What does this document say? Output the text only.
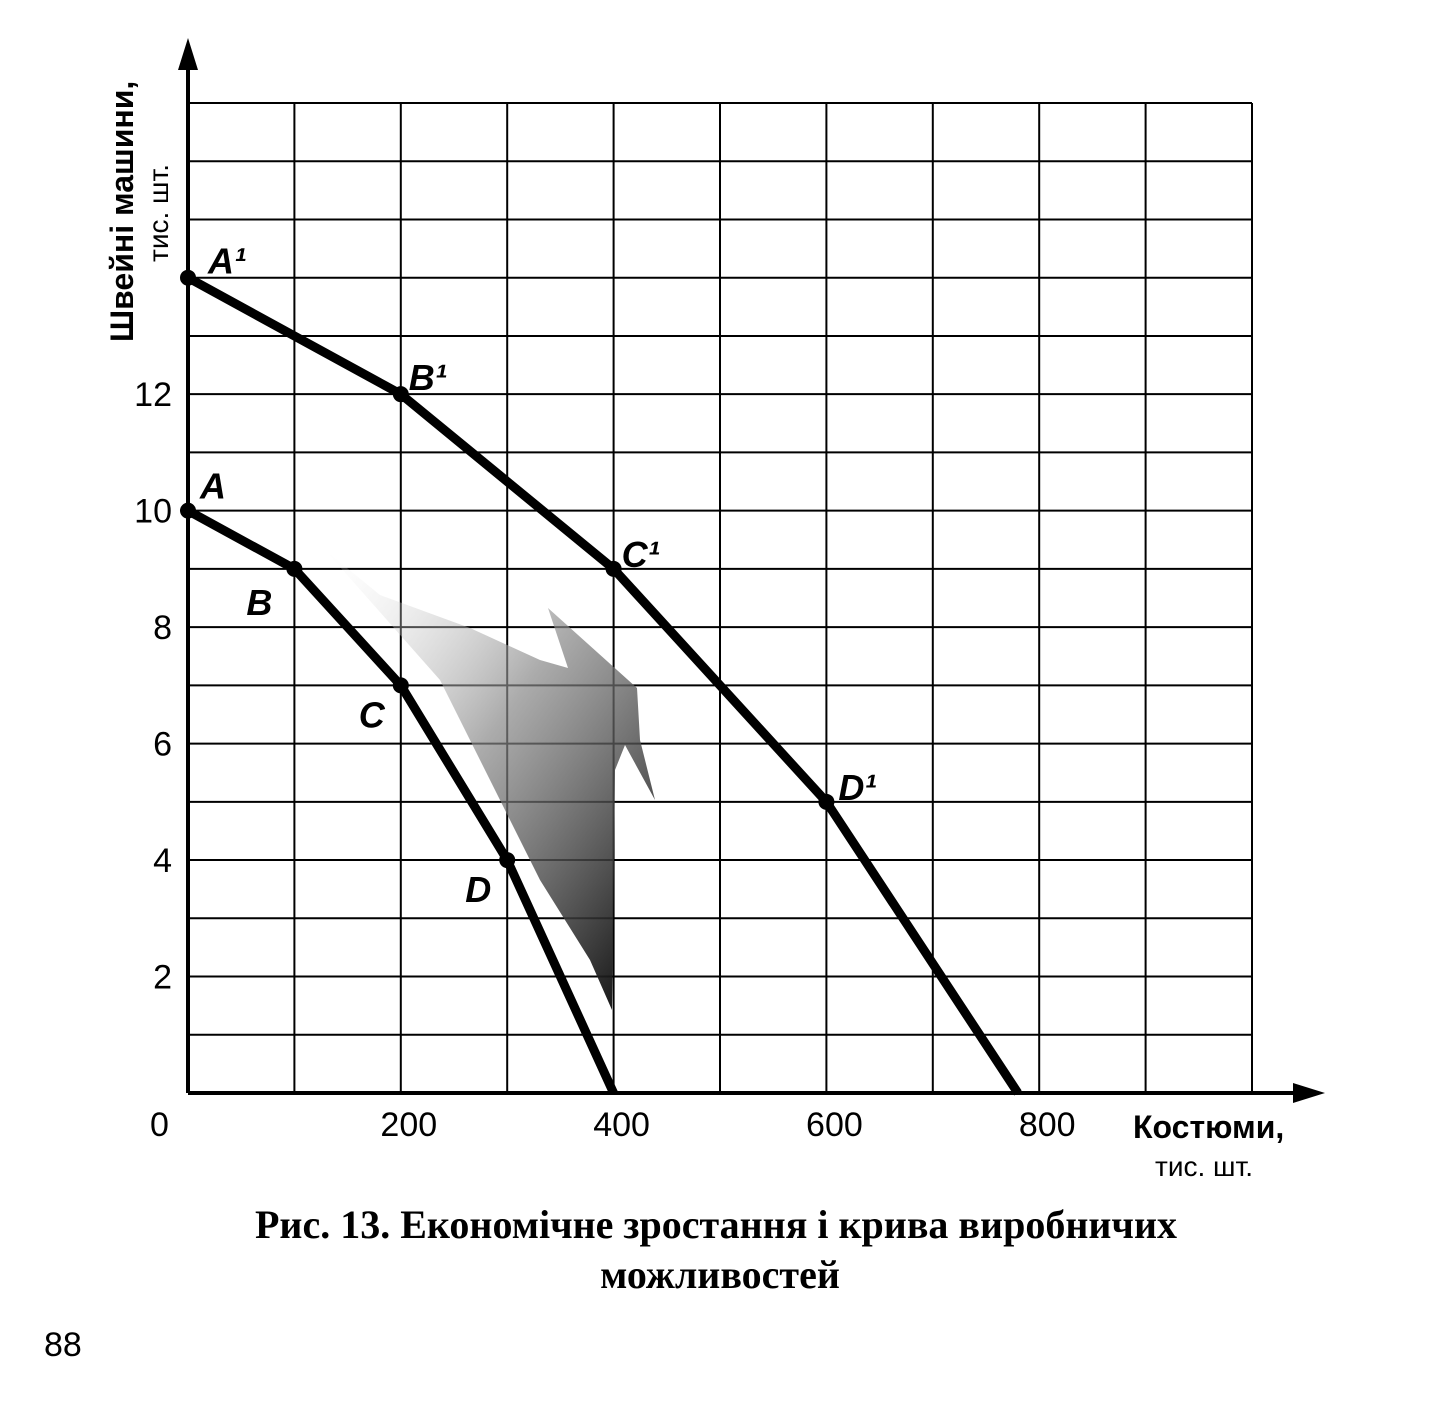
A
B
C
D
A¹
B¹
C¹
D¹
0	200	400	600	800
2
4
6
8
10
12
Швейні машини, тис. шт.
Костюми,
тис. шт.
Рис. 13. Економічне зростання і крива виробничих
можливостей
88
